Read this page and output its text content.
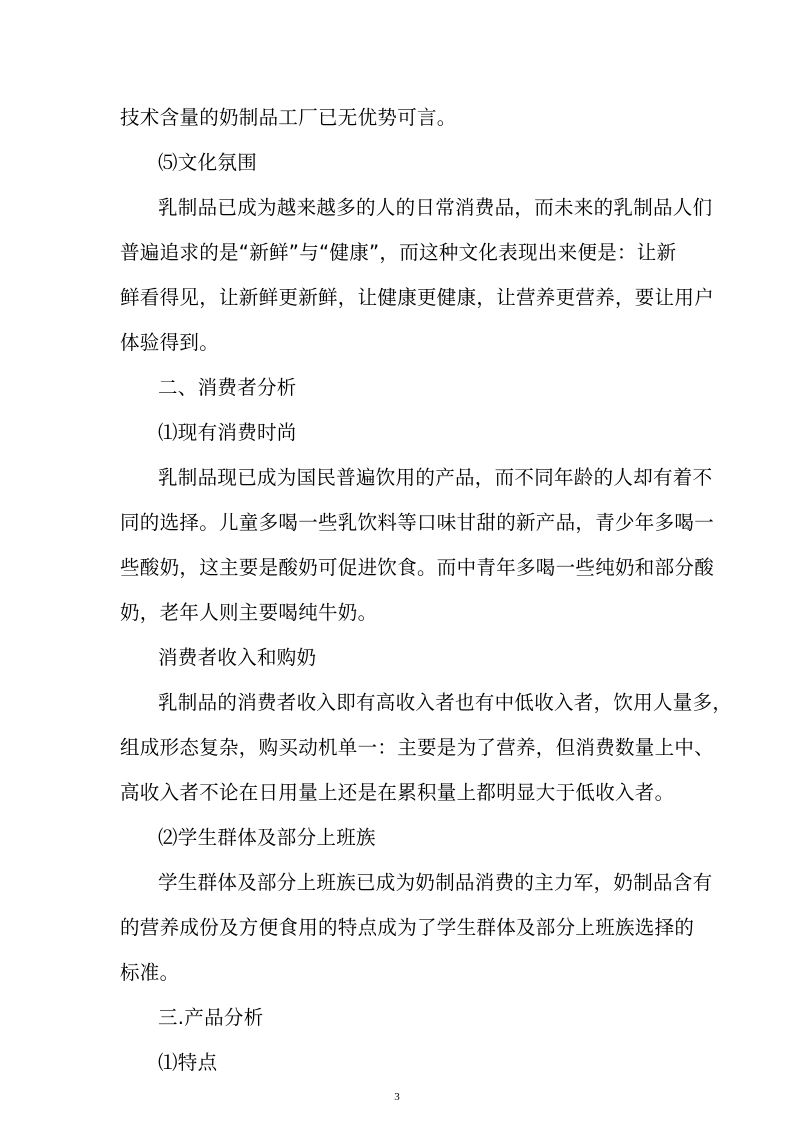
技术含量的奶制品工厂已无优势可言。
⑸文化氛围
乳制品已成为越来越多的人的日常消费品，而未来的乳制品人们
普遍追求的是“新鲜”与“健康”，而这种文化表现出来便是：让新
鲜看得见，让新鲜更新鲜，让健康更健康，让营养更营养，要让用户
体验得到。
二、消费者分析
⑴现有消费时尚
乳制品现已成为国民普遍饮用的产品，而不同年龄的人却有着不
同的选择。儿童多喝一些乳饮料等口味甘甜的新产品，青少年多喝一
些酸奶，这主要是酸奶可促进饮食。而中青年多喝一些纯奶和部分酸
奶，老年人则主要喝纯牛奶。
消费者收入和购奶
乳制品的消费者收入即有高收入者也有中低收入者，饮用人量多，
组成形态复杂，购买动机单一：主要是为了营养，但消费数量上中、
高收入者不论在日用量上还是在累积量上都明显大于低收入者。
⑵学生群体及部分上班族
学生群体及部分上班族已成为奶制品消费的主力军，奶制品含有
的营养成份及方便食用的特点成为了学生群体及部分上班族选择的
标准。
三.产品分析
⑴特点
3
